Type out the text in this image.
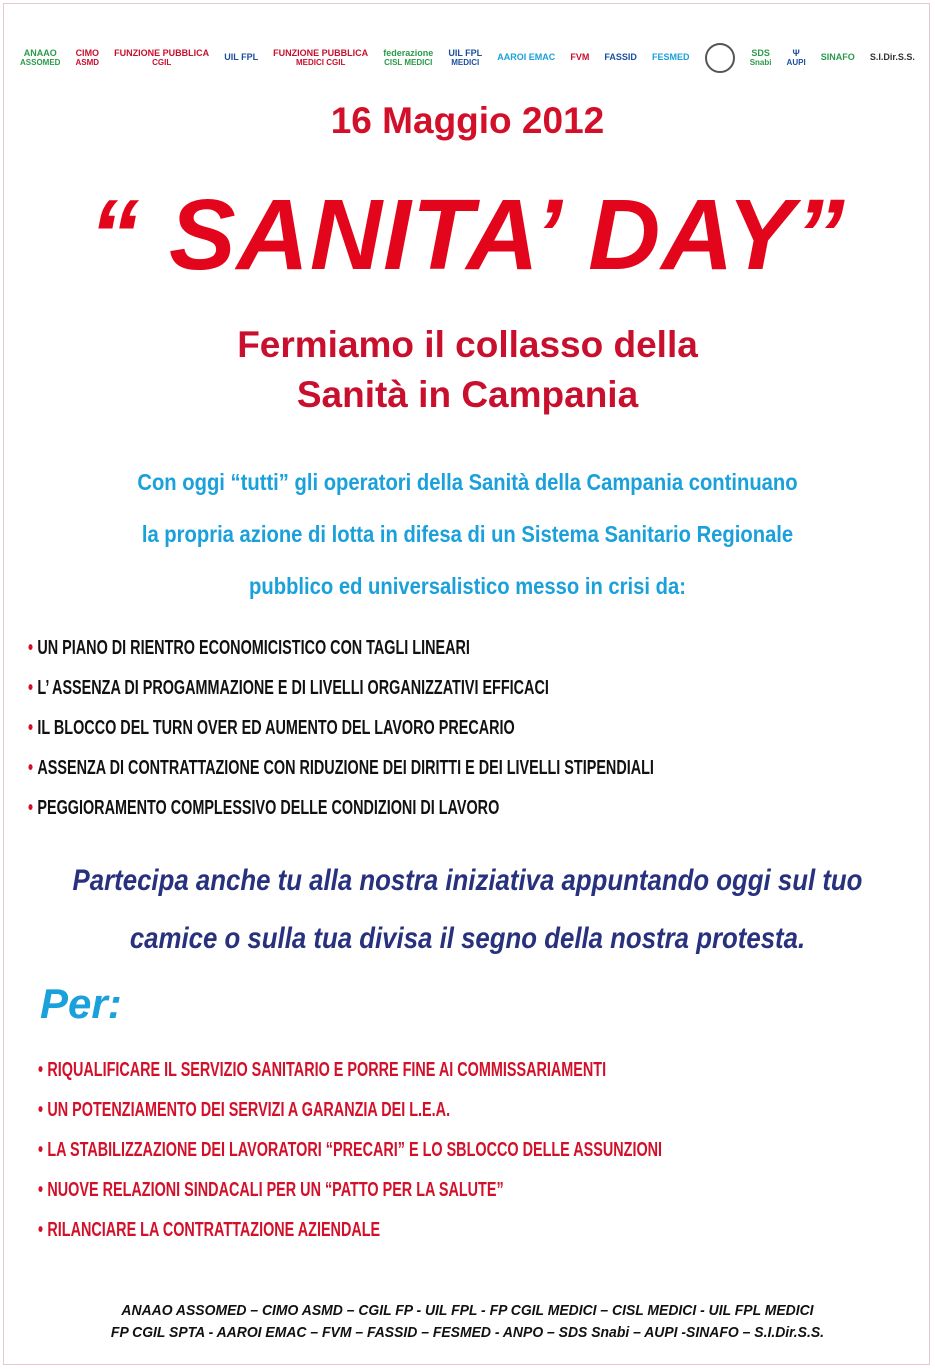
ANAAO
ASSOMED
CIMO
ASMD
FUNZIONE PUBBLICA
CGIL	UIL FPL FUNZIONE PUBBLICA
MEDICI CGIL
federazione
CISL MEDICI
UIL FPL
MEDICI AAROI EMAC FVM FASSID FESMED	SDS
Snabi
Ψ
AUPI SINAFO S.I.Dir.S.S.
16 Maggio 2012
“ SANITA’ DAY”
Fermiamo il collasso della
Sanità in Campania
Con oggi “tutti” gli operatori della Sanità della Campania continuano
la propria azione di lotta in difesa di un Sistema Sanitario Regionale
pubblico ed universalistico messo in crisi da:
• UN PIANO DI RIENTRO ECONOMICISTICO CON TAGLI LINEARI
• L’ ASSENZA DI PROGAMMAZIONE E DI LIVELLI ORGANIZZATIVI EFFICACI
• IL BLOCCO DEL TURN OVER ED AUMENTO DEL LAVORO PRECARIO
• ASSENZA DI CONTRATTAZIONE CON RIDUZIONE DEI DIRITTI E DEI LIVELLI STIPENDIALI
• PEGGIORAMENTO COMPLESSIVO DELLE CONDIZIONI DI LAVORO
Partecipa anche tu alla nostra iniziativa appuntando oggi sul tuo
camice o sulla tua divisa il segno della nostra protesta.
Per:
• RIQUALIFICARE IL SERVIZIO SANITARIO E PORRE FINE AI COMMISSARIAMENTI
• UN POTENZIAMENTO DEI SERVIZI A GARANZIA DEI L.E.A.
• LA STABILIZZAZIONE DEI LAVORATORI “PRECARI” E LO SBLOCCO DELLE ASSUNZIONI
• NUOVE RELAZIONI SINDACALI PER UN “PATTO PER LA SALUTE”
• RILANCIARE LA CONTRATTAZIONE AZIENDALE
ANAAO ASSOMED – CIMO ASMD – CGIL FP - UIL FPL - FP CGIL MEDICI – CISL MEDICI - UIL FPL MEDICI
FP CGIL SPTA - AAROI EMAC – FVM – FASSID – FESMED - ANPO – SDS Snabi – AUPI -SINAFO – S.I.Dir.S.S.
